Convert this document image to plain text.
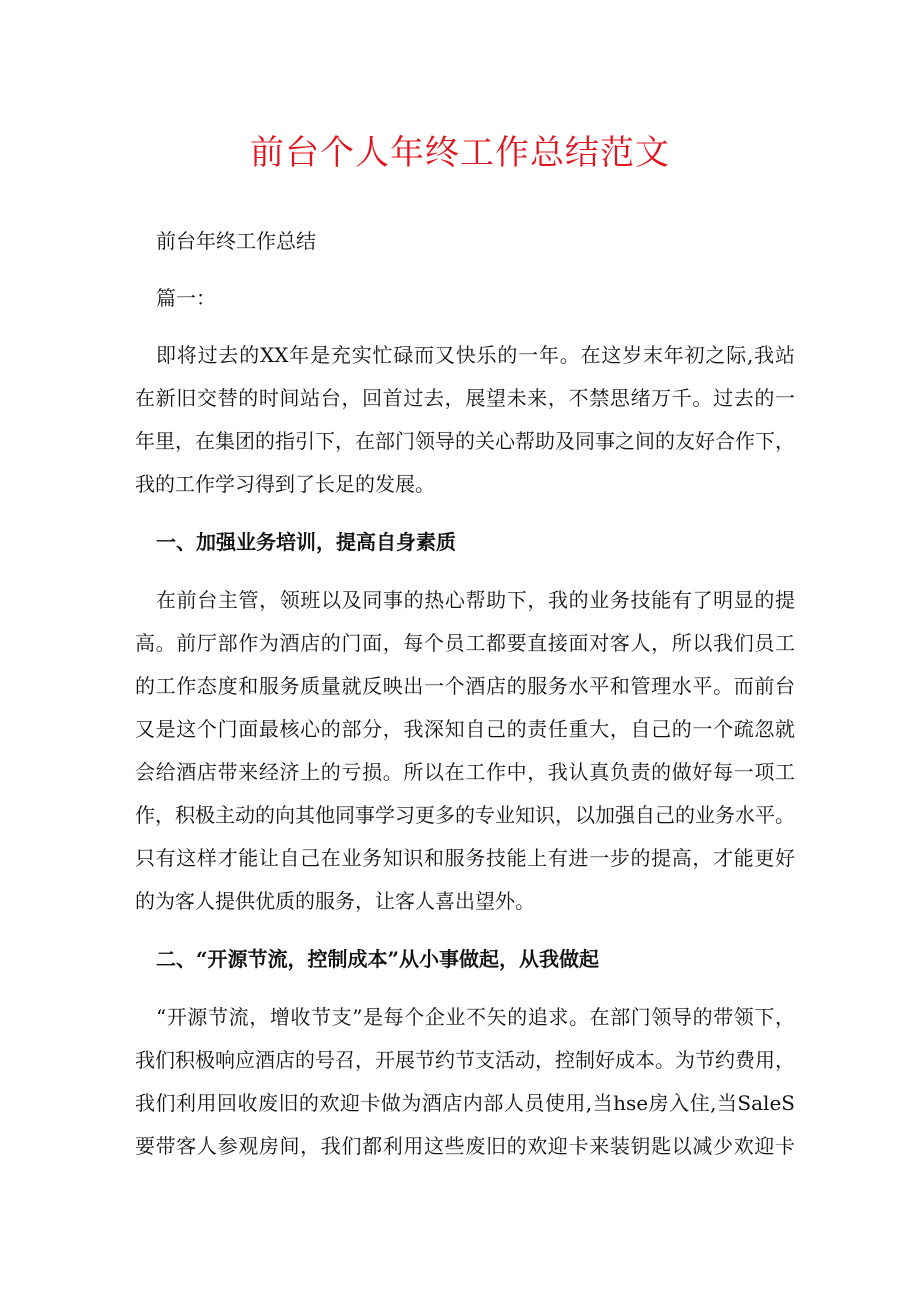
前台个人年终工作总结范文
前台年终工作总结
篇一：
即将过去的XX年是充实忙碌而又快乐的一年。在这岁末年初之际,我站
在新旧交替的时间站台，回首过去，展望未来，不禁思绪万千。过去的一
年里，在集团的指引下，在部门领导的关心帮助及同事之间的友好合作下，
我的工作学习得到了长足的发展。
一、加强业务培训，提高自身素质
在前台主管，领班以及同事的热心帮助下，我的业务技能有了明显的提
高。前厅部作为酒店的门面，每个员工都要直接面对客人，所以我们员工
的工作态度和服务质量就反映出一个酒店的服务水平和管理水平。而前台
又是这个门面最核心的部分，我深知自己的责任重大，自己的一个疏忽就
会给酒店带来经济上的亏损。所以在工作中，我认真负责的做好每一项工
作，积极主动的向其他同事学习更多的专业知识，以加强自己的业务水平。
只有这样才能让自己在业务知识和服务技能上有进一步的提高，才能更好
的为客人提供优质的服务，让客人喜出望外。
二、“开源节流，控制成本”从小事做起，从我做起
“开源节流，增收节支”是每个企业不矢的追求。在部门领导的带领下，
我们积极响应酒店的号召，开展节约节支活动，控制好成本。为节约费用，
我们利用回收废旧的欢迎卡做为酒店内部人员使用,当hse房入住,当SaleS
要带客人参观房间，我们都利用这些废旧的欢迎卡来装钥匙以减少欢迎卡
